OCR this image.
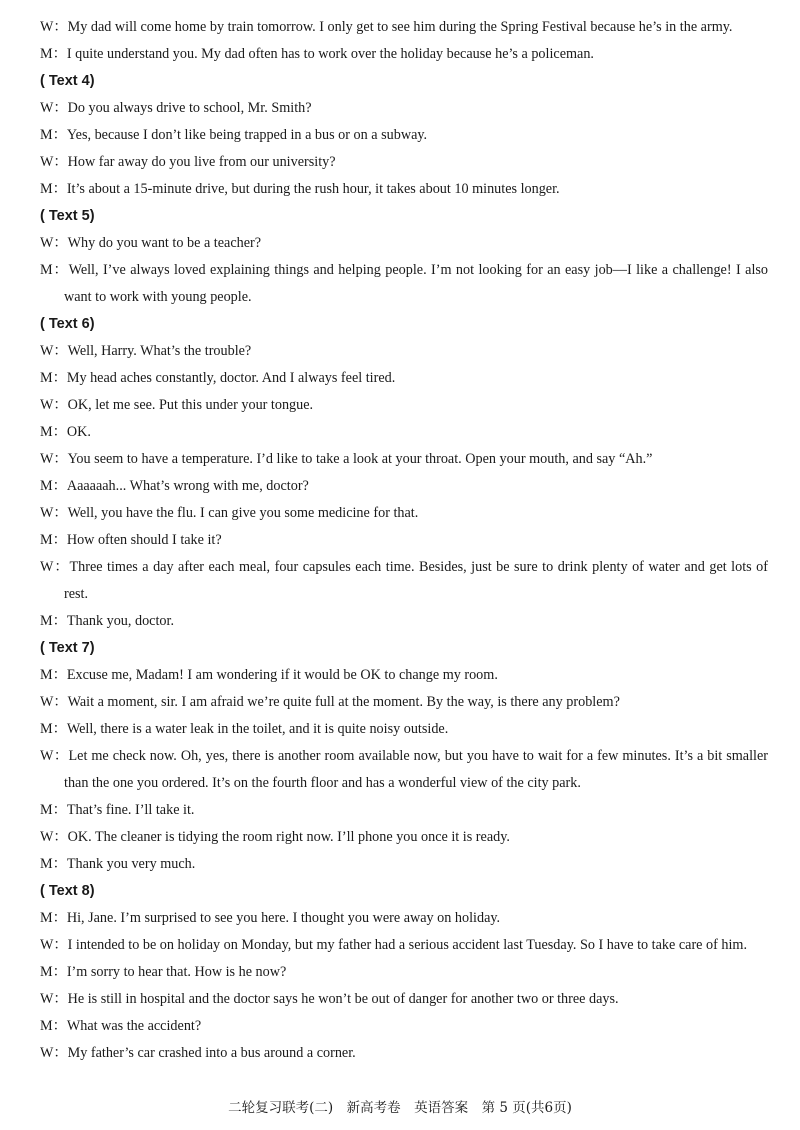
W：My dad will come home by train tomorrow. I only get to see him during the Spring Festival because he’s in the army.
M：I quite understand you. My dad often has to work over the holiday because he’s a policeman.
( Text 4)
W：Do you always drive to school, Mr. Smith?
M：Yes, because I don’t like being trapped in a bus or on a subway.
W：How far away do you live from our university?
M：It’s about a 15-minute drive, but during the rush hour, it takes about 10 minutes longer.
( Text 5)
W：Why do you want to be a teacher?
M：Well, I’ve always loved explaining things and helping people. I’m not looking for an easy job—I like a challenge! I also want to work with young people.
( Text 6)
W：Well, Harry. What’s the trouble?
M：My head aches constantly, doctor. And I always feel tired.
W：OK, let me see. Put this under your tongue.
M：OK.
W：You seem to have a temperature. I’d like to take a look at your throat. Open your mouth, and say “Ah.”
M：Aaaaaah... What’s wrong with me, doctor?
W：Well, you have the flu. I can give you some medicine for that.
M：How often should I take it?
W：Three times a day after each meal, four capsules each time. Besides, just be sure to drink plenty of water and get lots of rest.
M：Thank you, doctor.
( Text 7)
M：Excuse me, Madam! I am wondering if it would be OK to change my room.
W：Wait a moment, sir. I am afraid we’re quite full at the moment. By the way, is there any problem?
M：Well, there is a water leak in the toilet, and it is quite noisy outside.
W：Let me check now. Oh, yes, there is another room available now, but you have to wait for a few minutes. It’s a bit smaller than the one you ordered. It’s on the fourth floor and has a wonderful view of the city park.
M：That’s fine. I’ll take it.
W：OK. The cleaner is tidying the room right now. I’ll phone you once it is ready.
M：Thank you very much.
( Text 8)
M：Hi, Jane. I’m surprised to see you here. I thought you were away on holiday.
W：I intended to be on holiday on Monday, but my father had a serious accident last Tuesday. So I have to take care of him.
M：I’m sorry to hear that. How is he now?
W：He is still in hospital and the doctor says he won’t be out of danger for another two or three days.
M：What was the accident?
W：My father’s car crashed into a bus around a corner.
二轮复习联考(二)　新高考卷　英语答案　第 5 页(共6页)
